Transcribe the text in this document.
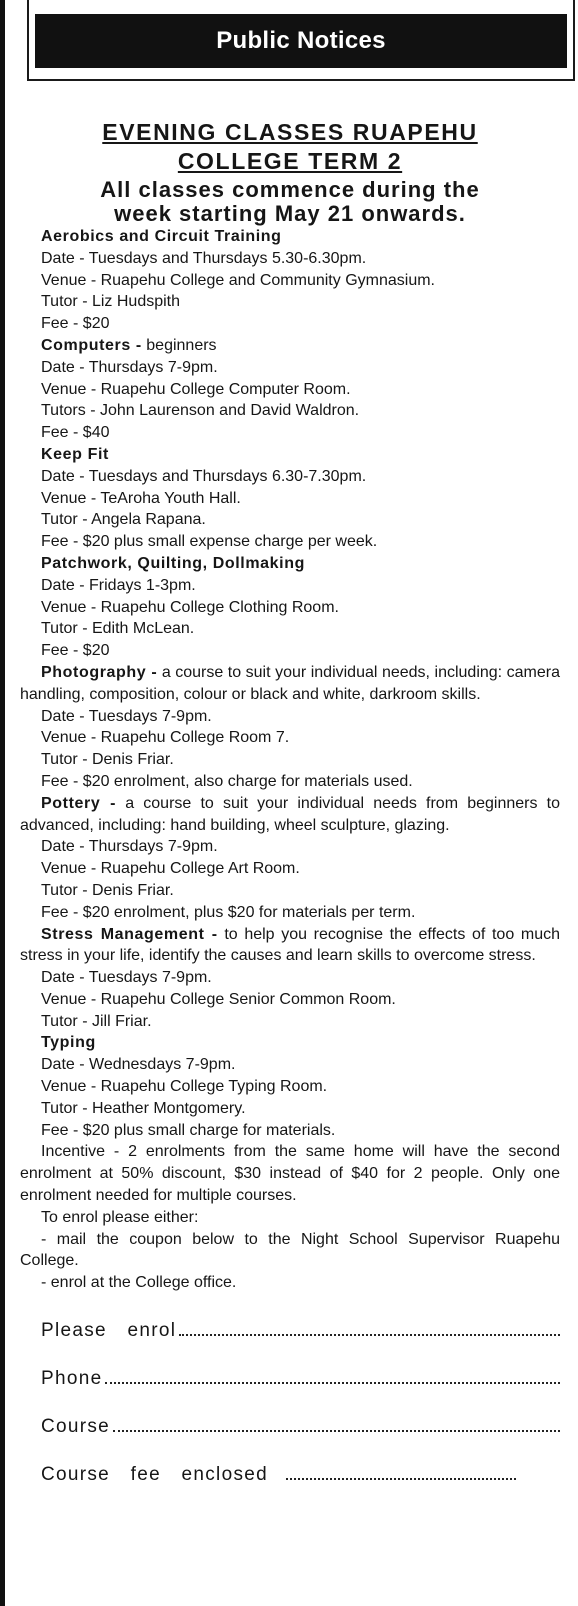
Public Notices
EVENING CLASSES RUAPEHU
COLLEGE TERM 2
All classes commence during the
week starting May 21 onwards.
Aerobics and Circuit Training
Date - Tuesdays and Thursdays 5.30-6.30pm.
Venue - Ruapehu College and Community Gymnasium.
Tutor - Liz Hudspith
Fee - $20
Computers - beginners
Date - Thursdays 7-9pm.
Venue - Ruapehu College Computer Room.
Tutors - John Laurenson and David Waldron.
Fee - $40
Keep Fit
Date - Tuesdays and Thursdays 6.30-7.30pm.
Venue - TeAroha Youth Hall.
Tutor - Angela Rapana.
Fee - $20 plus small expense charge per week.
Patchwork, Quilting, Dollmaking
Date - Fridays 1-3pm.
Venue - Ruapehu College Clothing Room.
Tutor - Edith McLean.
Fee - $20
Photography - a course to suit your individual needs, including: camera handling, composition, colour or black and white, darkroom skills.
Date - Tuesdays 7-9pm.
Venue - Ruapehu College Room 7.
Tutor - Denis Friar.
Fee - $20 enrolment, also charge for materials used.
Pottery - a course to suit your individual needs from beginners to advanced, including: hand building, wheel sculpture, glazing.
Date - Thursdays 7-9pm.
Venue - Ruapehu College Art Room.
Tutor - Denis Friar.
Fee - $20 enrolment, plus $20 for materials per term.
Stress Management - to help you recognise the effects of too much stress in your life, identify the causes and learn skills to overcome stress.
Date - Tuesdays 7-9pm.
Venue - Ruapehu College Senior Common Room.
Tutor - Jill Friar.
Typing
Date - Wednesdays 7-9pm.
Venue - Ruapehu College Typing Room.
Tutor - Heather Montgomery.
Fee - $20 plus small charge for materials.
Incentive - 2 enrolments from the same home will have the second enrolment at 50% discount, $30 instead of $40 for 2 people. Only one enrolment needed for multiple courses.
To enrol please either:
- mail the coupon below to the Night School Supervisor Ruapehu College.
- enrol at the College office.
Please enrol
Phone
Course
Course fee enclosed
